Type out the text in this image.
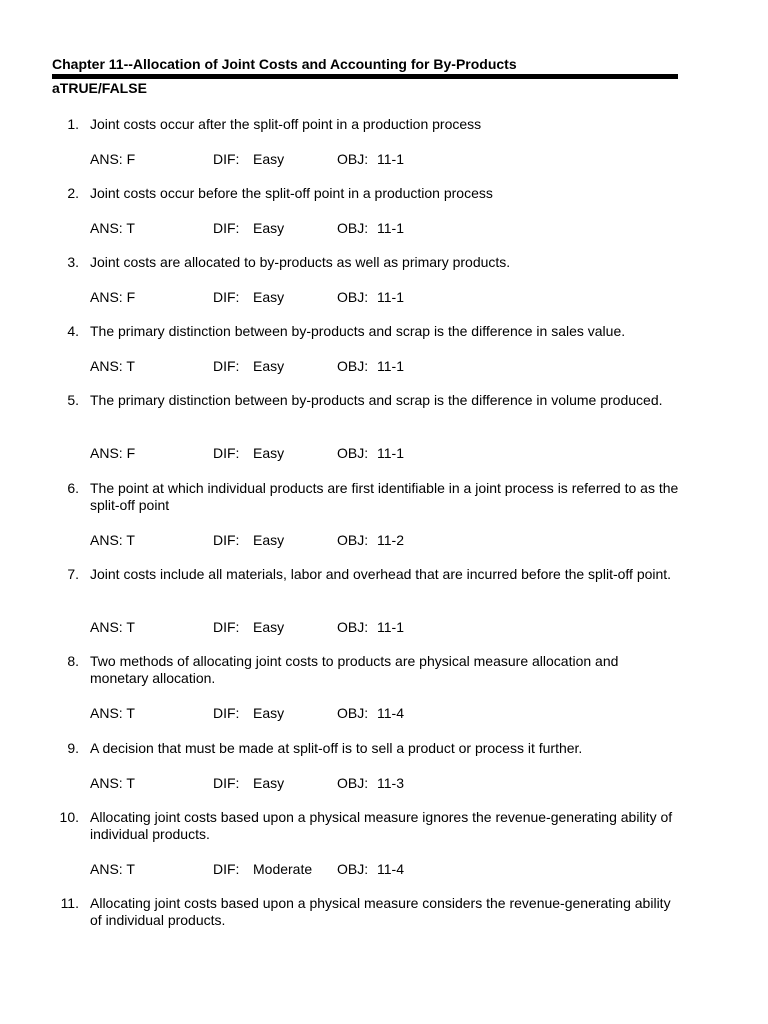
Chapter 11--Allocation of Joint Costs and Accounting for By-Products
aTRUE/FALSE
1. Joint costs occur after the split-off point in a production process
ANS: F	DIF: Easy	OBJ: 11-1
2. Joint costs occur before the split-off point in a production process
ANS: T	DIF: Easy	OBJ: 11-1
3. Joint costs are allocated to by-products as well as primary products.
ANS: F	DIF: Easy	OBJ: 11-1
4. The primary distinction between by-products and scrap is the difference in sales value.
ANS: T	DIF: Easy	OBJ: 11-1
5. The primary distinction between by-products and scrap is the difference in volume produced.
ANS: F	DIF: Easy	OBJ: 11-1
6. The point at which individual products are first identifiable in a joint process is referred to as the split-off point
ANS: T	DIF: Easy	OBJ: 11-2
7. Joint costs include all materials, labor and overhead that are incurred before the split-off point.
ANS: T	DIF: Easy	OBJ: 11-1
8. Two methods of allocating joint costs to products are physical measure allocation and monetary allocation.
ANS: T	DIF: Easy	OBJ: 11-4
9. A decision that must be made at split-off is to sell a product or process it further.
ANS: T	DIF: Easy	OBJ: 11-3
10. Allocating joint costs based upon a physical measure ignores the revenue-generating ability of individual products.
ANS: T	DIF: Moderate OBJ: 11-4
11. Allocating joint costs based upon a physical measure considers the revenue-generating ability of individual products.
